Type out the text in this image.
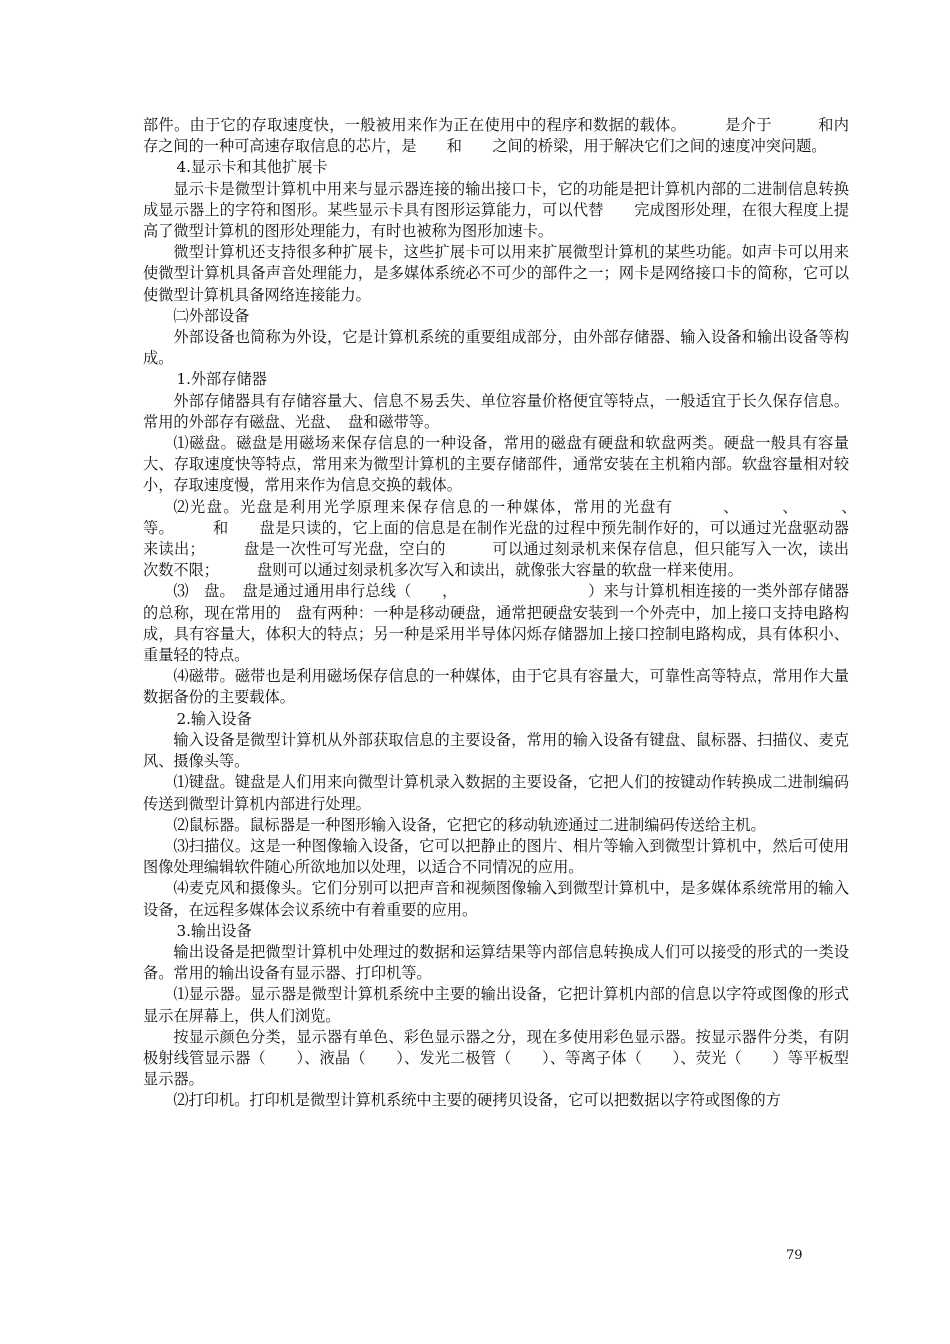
部件。由于它的存取速度快，一般被用来作为正在使用中的程序和数据的载体。　　　是介于　　　和内存之间的一种可高速存取信息的芯片，是　　和　　之间的桥梁，用于解决它们之间的速度冲突问题。

4.显示卡和其他扩展卡

显示卡是微型计算机中用来与显示器连接的输出接口卡，它的功能是把计算机内部的二进制信息转换成显示器上的字符和图形。某些显示卡具有图形运算能力，可以代替　　完成图形处理，在很大程度上提高了微型计算机的图形处理能力，有时也被称为图形加速卡。

微型计算机还支持很多种扩展卡，这些扩展卡可以用来扩展微型计算机的某些功能。如声卡可以用来使微型计算机具备声音处理能力，是多媒体系统必不可少的部件之一；网卡是网络接口卡的简称，它可以使微型计算机具备网络连接能力。

㈡外部设备

外部设备也简称为外设，它是计算机系统的重要组成部分，由外部存储器、输入设备和输出设备等构成。

1.外部存储器

外部存储器具有存储容量大、信息不易丢失、单位容量价格便宜等特点，一般适宜于长久保存信息。常用的外部存有磁盘、光盘、　盘和磁带等。

⑴磁盘。磁盘是用磁场来保存信息的一种设备，常用的磁盘有硬盘和软盘两类。硬盘一般具有容量大、存取速度快等特点，常用来为微型计算机的主要存储部件，通常安装在主机箱内部。软盘容量相对较小，存取速度慢，常用来作为信息交换的载体。

⑵光盘。光盘是利用光学原理来保存信息的一种媒体，常用的光盘有　　　、　　　、　　　、　　　等。　　　和　　盘是只读的，它上面的信息是在制作光盘的过程中预先制作好的，可以通过光盘驱动器来读出；　　　盘是一次性可写光盘，空白的　　　可以通过刻录机来保存信息，但只能写入一次，读出次数不限；　　　盘则可以通过刻录机多次写入和读出，就像张大容量的软盘一样来使用。

⑶　盘。　盘是通过通用串行总线（　　，　　　　　　　　　）来与计算机相连接的一类外部存储器的总称，现在常用的　盘有两种：一种是移动硬盘，通常把硬盘安装到一个外壳中，加上接口支持电路构成，具有容量大，体积大的特点；另一种是采用半导体闪烁存储器加上接口控制电路构成，具有体积小、重量轻的特点。

⑷磁带。磁带也是利用磁场保存信息的一种媒体，由于它具有容量大，可靠性高等特点，常用作大量数据备份的主要载体。

2.输入设备

输入设备是微型计算机从外部获取信息的主要设备，常用的输入设备有键盘、鼠标器、扫描仪、麦克风、摄像头等。

⑴键盘。键盘是人们用来向微型计算机录入数据的主要设备，它把人们的按键动作转换成二进制编码传送到微型计算机内部进行处理。

⑵鼠标器。鼠标器是一种图形输入设备，它把它的移动轨迹通过二进制编码传送给主机。

⑶扫描仪。这是一种图像输入设备，它可以把静止的图片、相片等输入到微型计算机中，然后可使用图像处理编辑软件随心所欲地加以处理，以适合不同情况的应用。

⑷麦克风和摄像头。它们分别可以把声音和视频图像输入到微型计算机中，是多媒体系统常用的输入设备，在远程多媒体会议系统中有着重要的应用。

3.输出设备

输出设备是把微型计算机中处理过的数据和运算结果等内部信息转换成人们可以接受的形式的一类设备。常用的输出设备有显示器、打印机等。

⑴显示器。显示器是微型计算机系统中主要的输出设备，它把计算机内部的信息以字符或图像的形式显示在屏幕上，供人们浏览。

按显示颜色分类，显示器有单色、彩色显示器之分，现在多使用彩色显示器。按显示器件分类，有阴极射线管显示器（　　）、液晶（　　）、发光二极管（　　）、等离子体（　　）、荧光（　　）等平板型显示器。

⑵打印机。打印机是微型计算机系统中主要的硬拷贝设备，它可以把数据以字符或图像的方

79
